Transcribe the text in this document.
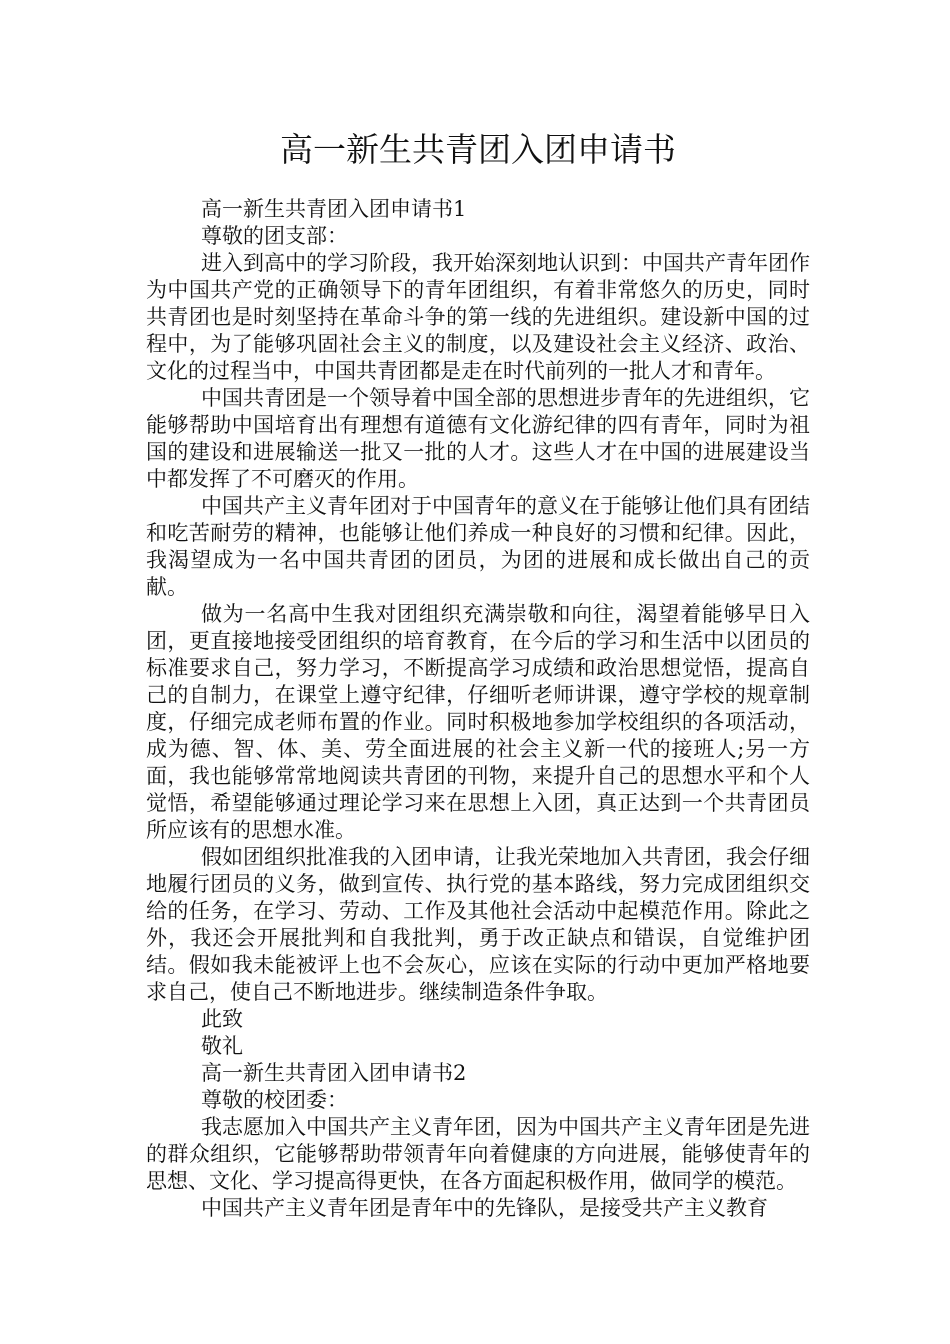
高一新生共青团入团申请书

高一新生共青团入团申请书1

尊敬的团支部：

进入到高中的学习阶段，我开始深刻地认识到：中国共产青年团作为中国共产党的正确领导下的青年团组织，有着非常悠久的历史，同时共青团也是时刻坚持在革命斗争的第一线的先进组织。建设新中国的过程中，为了能够巩固社会主义的制度，以及建设社会主义经济、政治、文化的过程当中，中国共青团都是走在时代前列的一批人才和青年。

中国共青团是一个领导着中国全部的思想进步青年的先进组织，它能够帮助中国培育出有理想有道德有文化游纪律的四有青年，同时为祖国的建设和进展输送一批又一批的人才。这些人才在中国的进展建设当中都发挥了不可磨灭的作用。

中国共产主义青年团对于中国青年的意义在于能够让他们具有团结和吃苦耐劳的精神，也能够让他们养成一种良好的习惯和纪律。因此，我渴望成为一名中国共青团的团员，为团的进展和成长做出自己的贡献。

做为一名高中生我对团组织充满崇敬和向往，渴望着能够早日入团，更直接地接受团组织的培育教育，在今后的学习和生活中以团员的标准要求自己，努力学习，不断提高学习成绩和政治思想觉悟，提高自己的自制力，在课堂上遵守纪律，仔细听老师讲课，遵守学校的规章制度，仔细完成老师布置的作业。同时积极地参加学校组织的各项活动，成为德、智、体、美、劳全面进展的社会主义新一代的接班人;另一方面，我也能够常常地阅读共青团的刊物，来提升自己的思想水平和个人觉悟，希望能够通过理论学习来在思想上入团，真正达到一个共青团员所应该有的思想水准。

假如团组织批准我的入团申请，让我光荣地加入共青团，我会仔细地履行团员的义务，做到宣传、执行党的基本路线，努力完成团组织交给的任务，在学习、劳动、工作及其他社会活动中起模范作用。除此之外，我还会开展批判和自我批判，勇于改正缺点和错误，自觉维护团结。假如我未能被评上也不会灰心，应该在实际的行动中更加严格地要求自己，使自己不断地进步。继续制造条件争取。

此致

敬礼

高一新生共青团入团申请书2

尊敬的校团委：

我志愿加入中国共产主义青年团，因为中国共产主义青年团是先进的群众组织，它能够帮助带领青年向着健康的方向进展，能够使青年的思想、文化、学习提高得更快，在各方面起积极作用，做同学的模范。

中国共产主义青年团是青年中的先锋队，是接受共产主义教育
